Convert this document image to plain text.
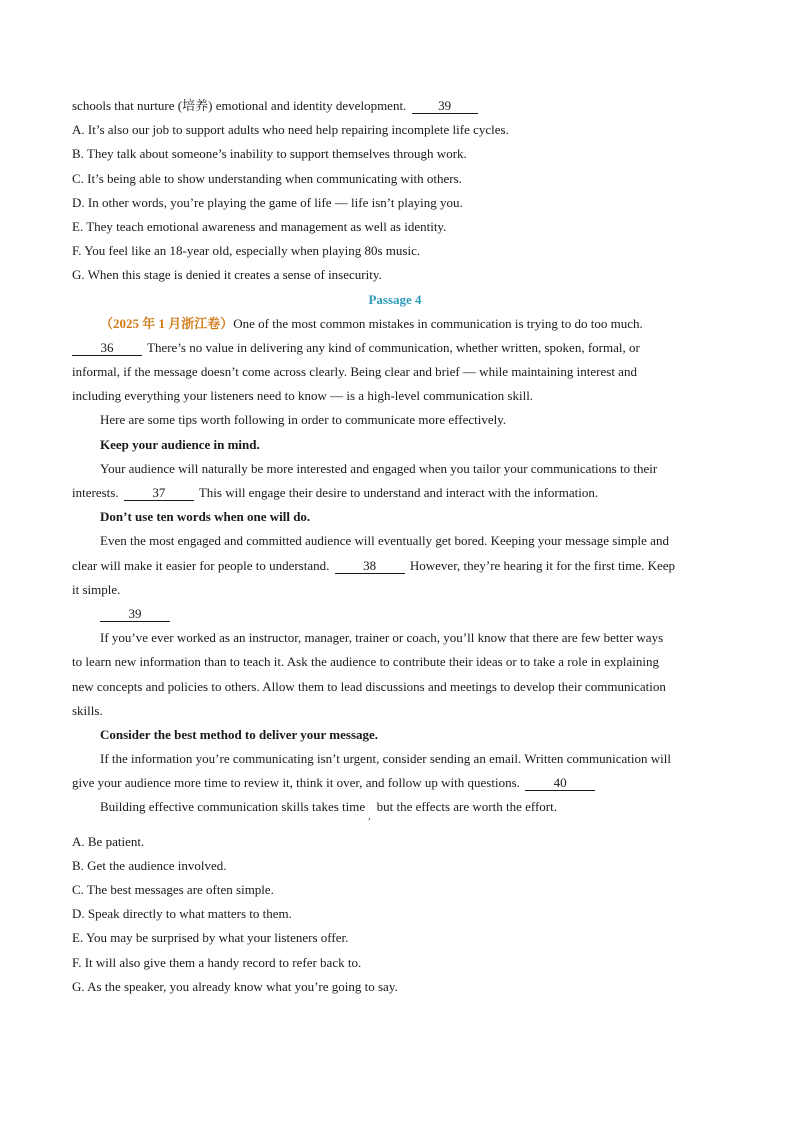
schools that nurture (培养) emotional and identity development. 39
A. It’s also our job to support adults who need help repairing incomplete life cycles.
B. They talk about someone’s inability to support themselves through work.
C. It’s being able to show understanding when communicating with others.
D. In other words, you’re playing the game of life — life isn’t playing you.
E. They teach emotional awareness and management as well as identity.
F. You feel like an 18-year old, especially when playing 80s music.
G. When this stage is denied it creates a sense of insecurity.
Passage 4
（2025 年 1 月浙江卷）One of the most common mistakes in communication is trying to do too much.
36 There’s no value in delivering any kind of communication, whether written, spoken, formal, or
informal, if the message doesn’t come across clearly. Being clear and brief — while maintaining interest and
including everything your listeners need to know — is a high-level communication skill.
Here are some tips worth following in order to communicate more effectively.
Keep your audience in mind.
Your audience will naturally be more interested and engaged when you tailor your communications to their
interests.	37 This will engage their desire to understand and interact with the information.
Don’t use ten words when one will do.
Even the most engaged and committed audience will eventually get bored. Keeping your message simple and
clear will make it easier for people to understand.	38 However, they’re hearing it for the first time. Keep
it simple.
39
If you’ve ever worked as an instructor, manager, trainer or coach, you’ll know that there are few better ways
to learn new information than to teach it. Ask the audience to contribute their ideas or to take a role in explaining
new concepts and policies to others. Allow them to lead discussions and meetings to develop their communication
skills.
Consider the best method to deliver your message.
If the information you’re communicating isn’t urgent, consider sending an email. Written communication will
give your audience more time to review it, think it over, and follow up with questions.	40
Building effective communication skills takes time$_,$ but the effects are worth the effort.
A. Be patient.
B. Get the audience involved.
C. The best messages are often simple.
D. Speak directly to what matters to them.
E. You may be surprised by what your listeners offer.
F. It will also give them a handy record to refer back to.
G. As the speaker, you already know what you’re going to say.
